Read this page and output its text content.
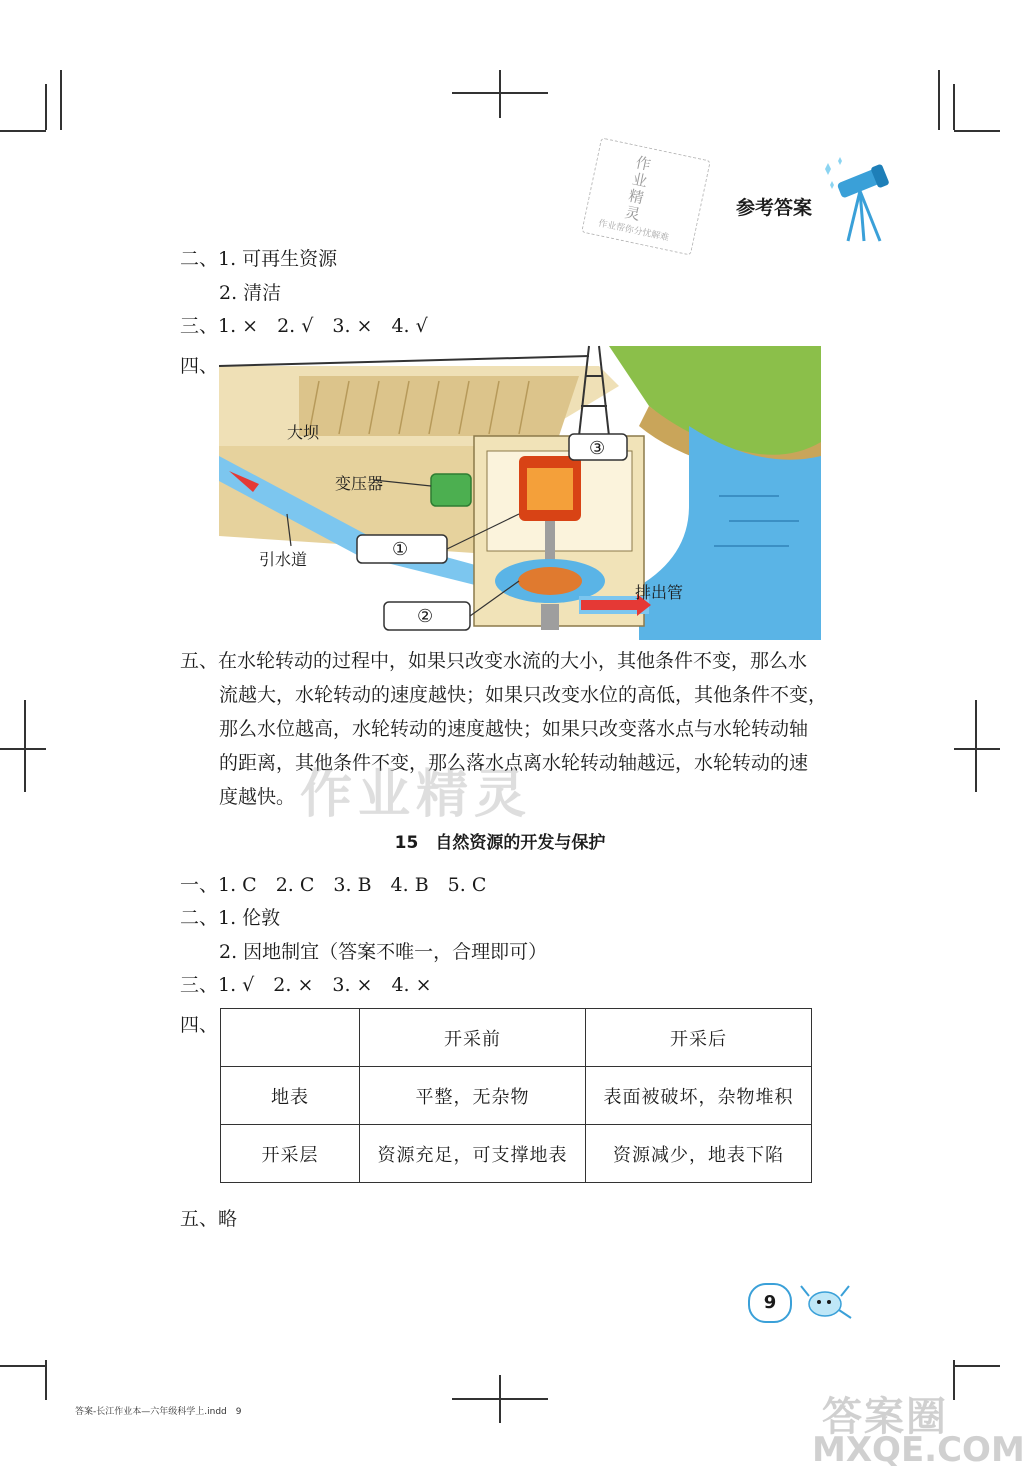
作业精灵
作业帮你分忧解难
参考答案
二、1. 可再生资源
2. 清洁
三、1. ×　2. √　3. ×　4. √
四、
大坝
变压器
引水道
排出管
①
②
③
五、在水轮转动的过程中，如果只改变水流的大小，其他条件不变，那么水
流越大，水轮转动的速度越快；如果只改变水位的高低，其他条件不变，
那么水位越高，水轮转动的速度越快；如果只改变落水点与水轮转动轴
的距离，其他条件不变，那么落水点离水轮转动轴越远，水轮转动的速
度越快。 作业精灵
15　自然资源的开发与保护
一、1. C　2. C　3. B　4. B　5. C
二、1. 伦敦
2. 因地制宜（答案不唯一，合理即可）
三、1. √　2. ×　3. ×　4. ×
四、
	开采前	开采后
地表	平整，无杂物	表面被破坏，杂物堆积
开采层	资源充足，可支撑地表	资源减少，地表下陷
五、略
9
答案-长江作业本—六年级科学上.indd　9	答案圈
MXQE.COM
